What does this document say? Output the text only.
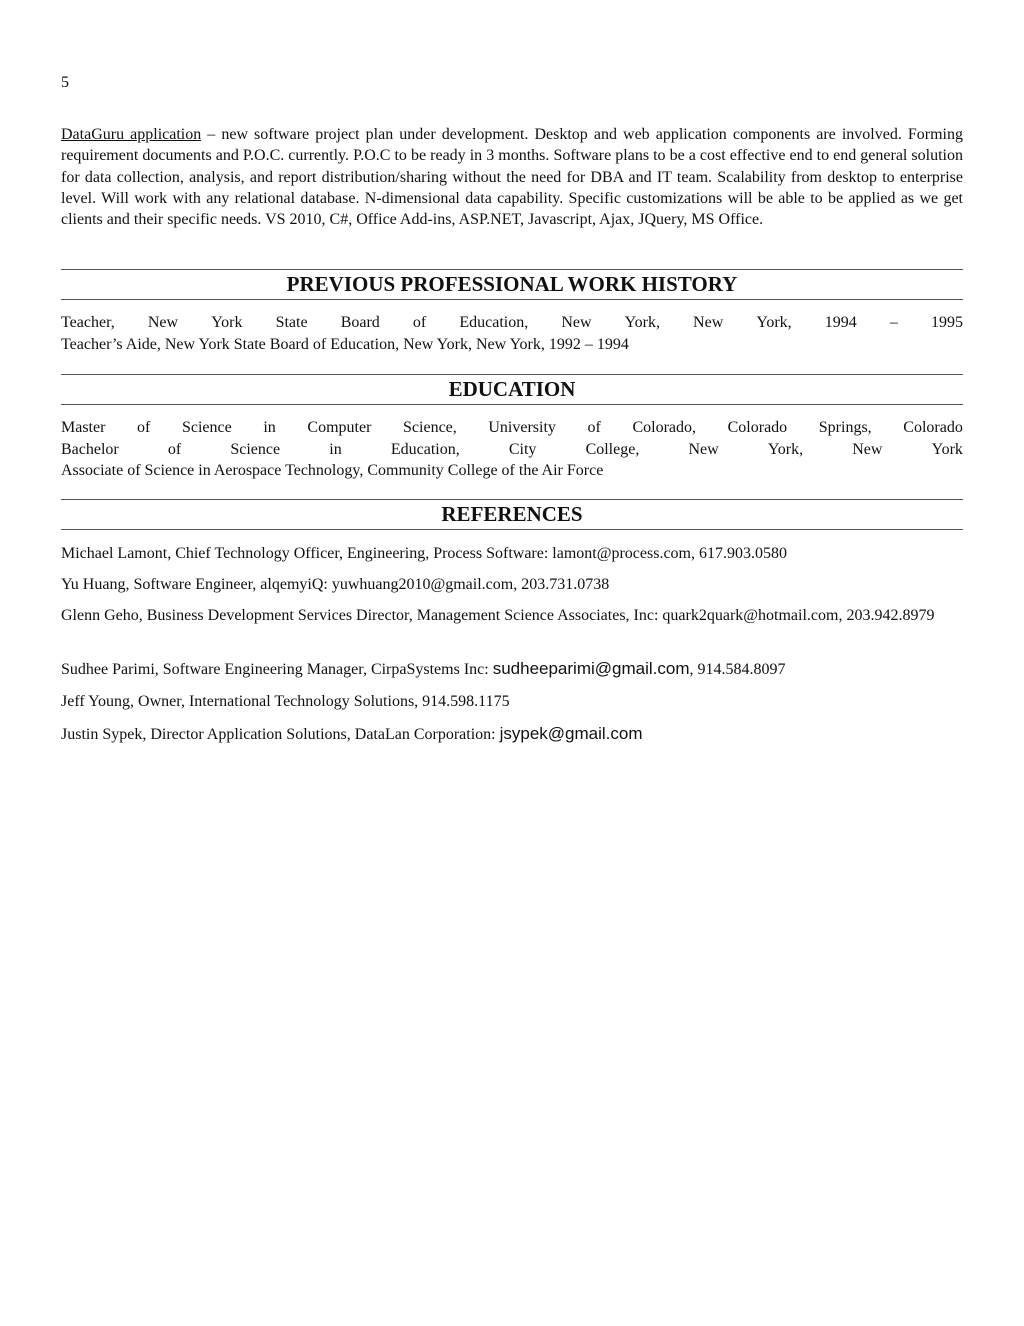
5
DataGuru application – new software project plan under development. Desktop and web application components are involved. Forming requirement documents and P.O.C. currently. P.O.C to be ready in 3 months. Software plans to be a cost effective end to end general solution for data collection, analysis, and report distribution/sharing without the need for DBA and IT team. Scalability from desktop to enterprise level. Will work with any relational database. N-dimensional data capability. Specific customizations will be able to be applied as we get clients and their specific needs. VS 2010, C#, Office Add-ins, ASP.NET, Javascript, Ajax, JQuery, MS Office.
PREVIOUS PROFESSIONAL WORK HISTORY
Teacher, New York State Board of Education, New York, New York, 1994 – 1995
Teacher’s Aide, New York State Board of Education, New York, New York, 1992 – 1994
EDUCATION
Master of Science in Computer Science, University of Colorado, Colorado Springs, Colorado
Bachelor	of	Science	in	Education,	City	College,	New	York,	New	York
Associate of Science in Aerospace Technology, Community College of the Air Force
REFERENCES
Michael Lamont, Chief Technology Officer, Engineering, Process Software: lamont@process.com, 617.903.0580
Yu Huang, Software Engineer, alqemyiQ: yuwhuang2010@gmail.com, 203.731.0738
Glenn Geho, Business Development Services Director, Management Science Associates, Inc: quark2quark@hotmail.com, 203.942.8979
Sudhee Parimi, Software Engineering Manager, CirpaSystems Inc: sudheeparimi@gmail.com, 914.584.8097
Jeff Young, Owner, International Technology Solutions, 914.598.1175
Justin Sypek, Director Application Solutions, DataLan Corporation: jsypek@gmail.com
